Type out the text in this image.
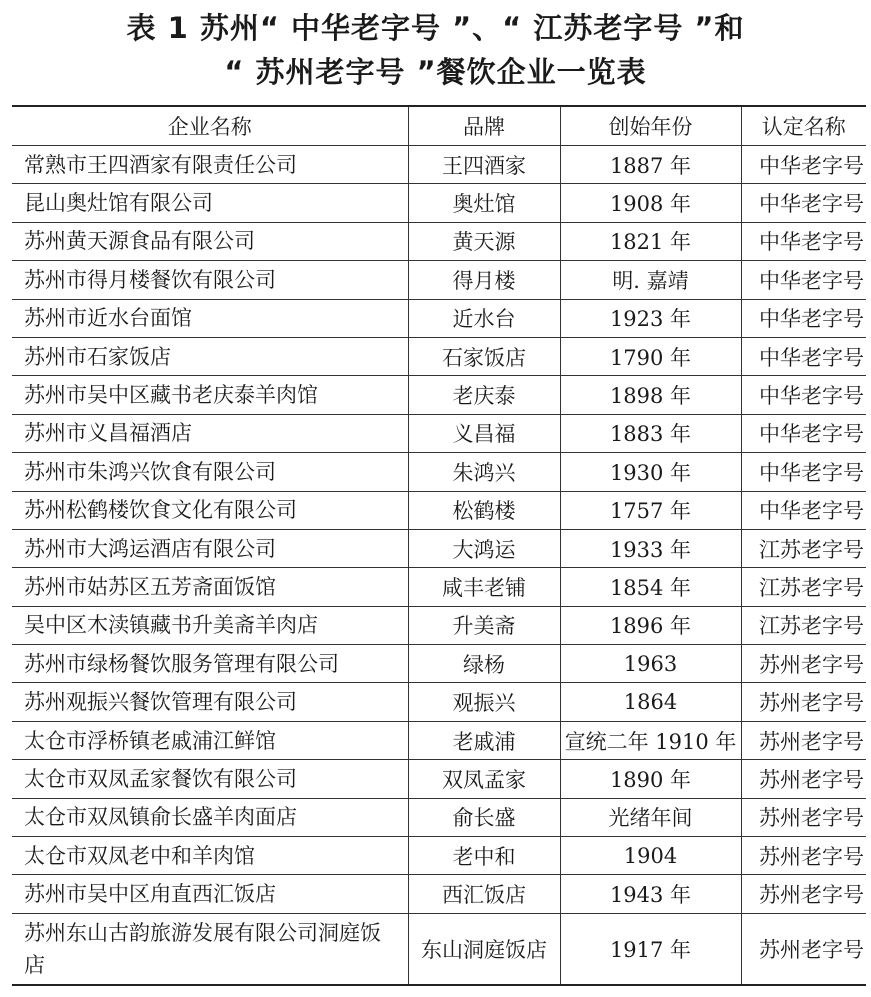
表 1 苏州“ 中华老字号 ”、“ 江苏老字号 ”和
“ 苏州老字号 ”餐饮企业一览表
企业名称	品牌	创始年份	认定名称
常熟市王四酒家有限责任公司	王四酒家	1887 年	中华老字号
昆山奥灶馆有限公司	奥灶馆	1908 年	中华老字号
苏州黄天源食品有限公司	黄天源	1821 年	中华老字号
苏州市得月楼餐饮有限公司	得月楼	明. 嘉靖	中华老字号
苏州市近水台面馆	近水台	1923 年	中华老字号
苏州市石家饭店	石家饭店	1790 年	中华老字号
苏州市吴中区藏书老庆泰羊肉馆	老庆泰	1898 年	中华老字号
苏州市义昌福酒店	义昌福	1883 年	中华老字号
苏州市朱鸿兴饮食有限公司	朱鸿兴	1930 年	中华老字号
苏州松鹤楼饮食文化有限公司	松鹤楼	1757 年	中华老字号
苏州市大鸿运酒店有限公司	大鸿运	1933 年	江苏老字号
苏州市姑苏区五芳斋面饭馆	咸丰老铺	1854 年	江苏老字号
吴中区木渎镇藏书升美斋羊肉店	升美斋	1896 年	江苏老字号
苏州市绿杨餐饮服务管理有限公司	绿杨	1963	苏州老字号
苏州观振兴餐饮管理有限公司	观振兴	1864	苏州老字号
太仓市浮桥镇老戚浦江鲜馆	老戚浦	宣统二年 1910 年	苏州老字号
太仓市双凤孟家餐饮有限公司	双凤孟家	1890 年	苏州老字号
太仓市双凤镇俞长盛羊肉面店	俞长盛	光绪年间	苏州老字号
太仓市双凤老中和羊肉馆	老中和	1904	苏州老字号
苏州市吴中区甪直西汇饭店	西汇饭店	1943 年	苏州老字号
苏州东山古韵旅游发展有限公司洞庭饭店	东山洞庭饭店	1917 年	苏州老字号
